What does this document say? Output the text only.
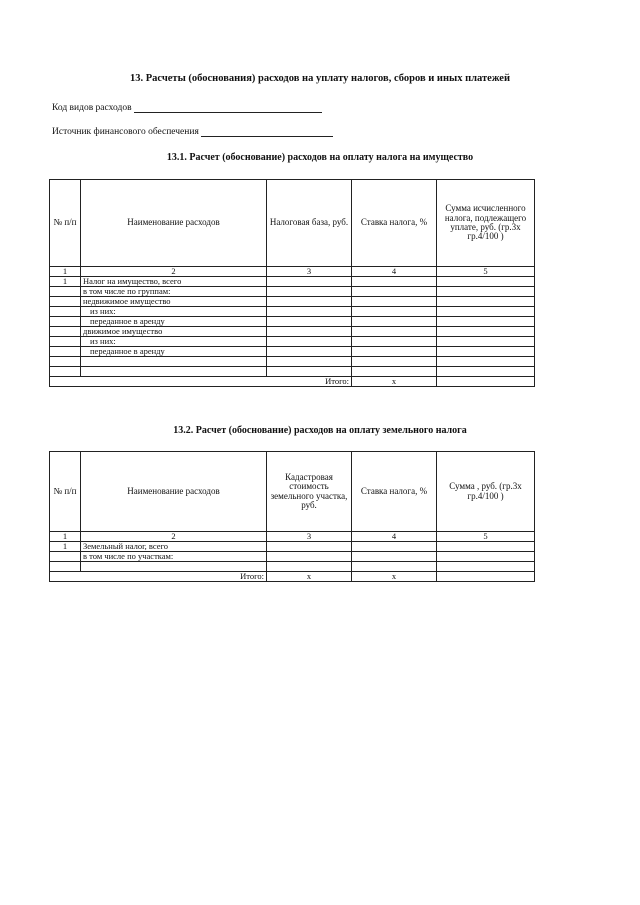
13. Расчеты (обоснования) расходов на уплату налогов, сборов и иных платежей
Код видов расходов
Источник финансового обеспечения
13.1. Расчет (обоснование) расходов на оплату налога на имущество
№ п/п	Наименование расходов	Налоговая база, руб.	Ставка налога, %	Сумма исчисленного налога, подлежащего уплате, руб. (гр.3х гр.4/100 )
1	2	3	4	5
1	Налог на имущество, всего			
	в том числе по группам:			
	недвижимое имущество			
	из них:			
	переданное в аренду			
	движимое имущество			
	из них:			
	переданное в аренду			

Итого:			x	
13.2. Расчет (обоснование) расходов на оплату земельного налога
№ п/п	Наименование расходов	Кадастровая стоимость земельного участка, руб.	Ставка налога, %	Сумма , руб. (гр.3х гр.4/100 )
1	2	3	4	5
1	Земельный налог, всего			
	в том числе по участкам:			

Итого:		x	x	
